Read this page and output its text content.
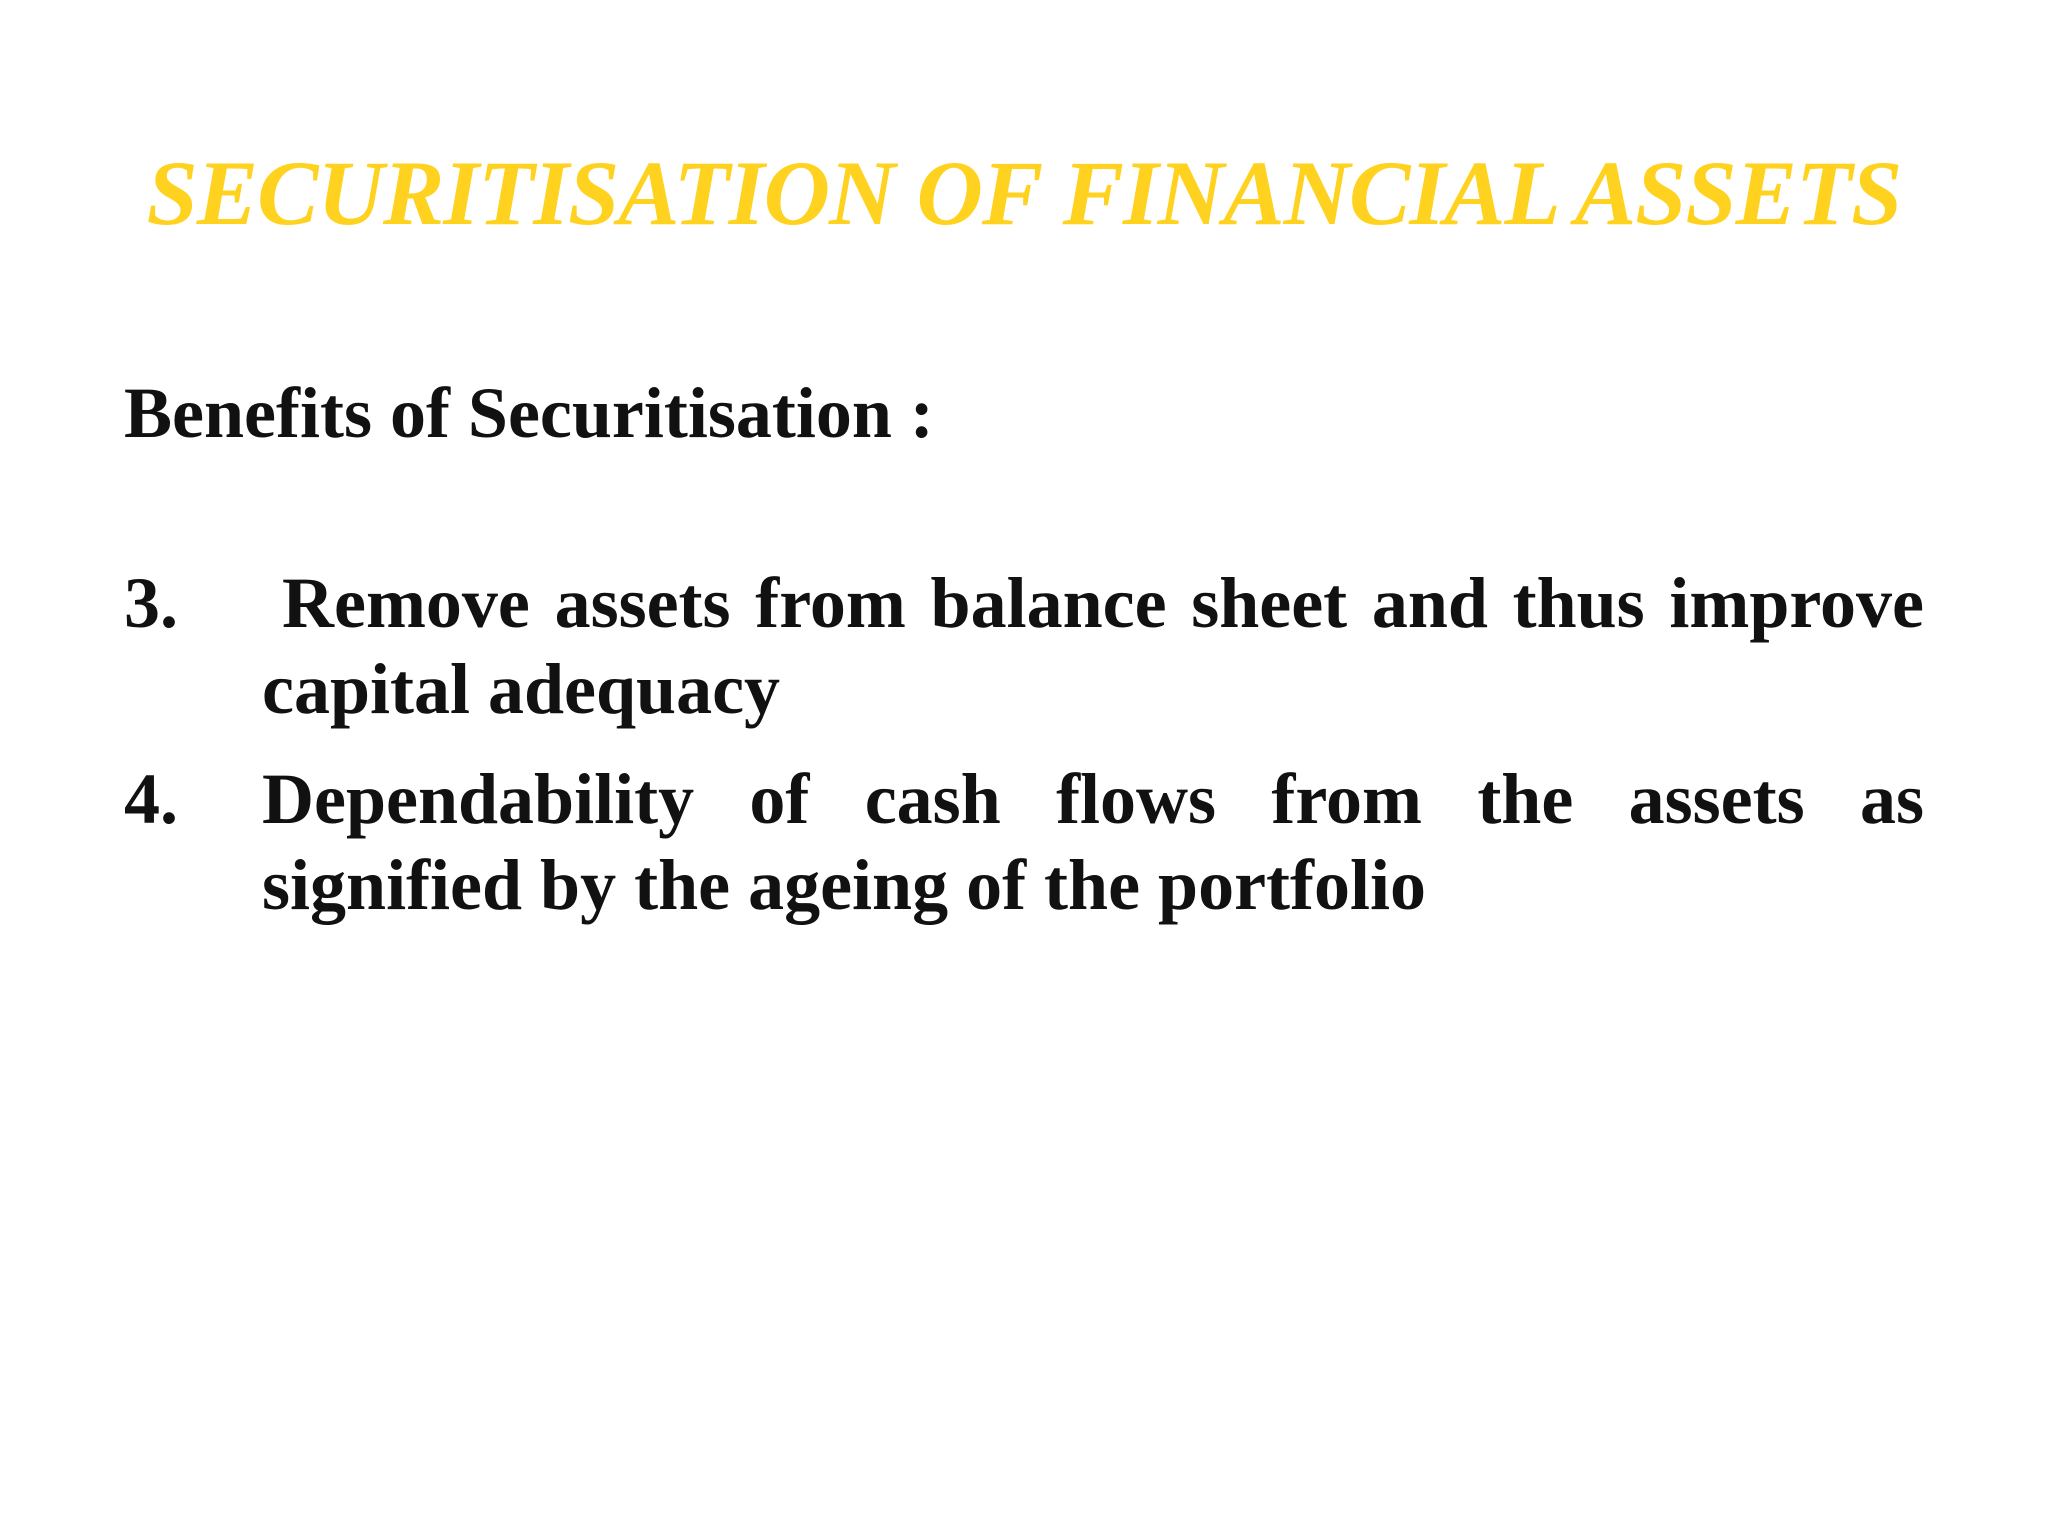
SECURITISATION OF FINANCIAL ASSETS
Benefits of Securitisation :
3. Remove assets from balance sheet and thus improve capital adequacy
4. Dependability of cash flows from the assets as signified by the ageing of the portfolio
